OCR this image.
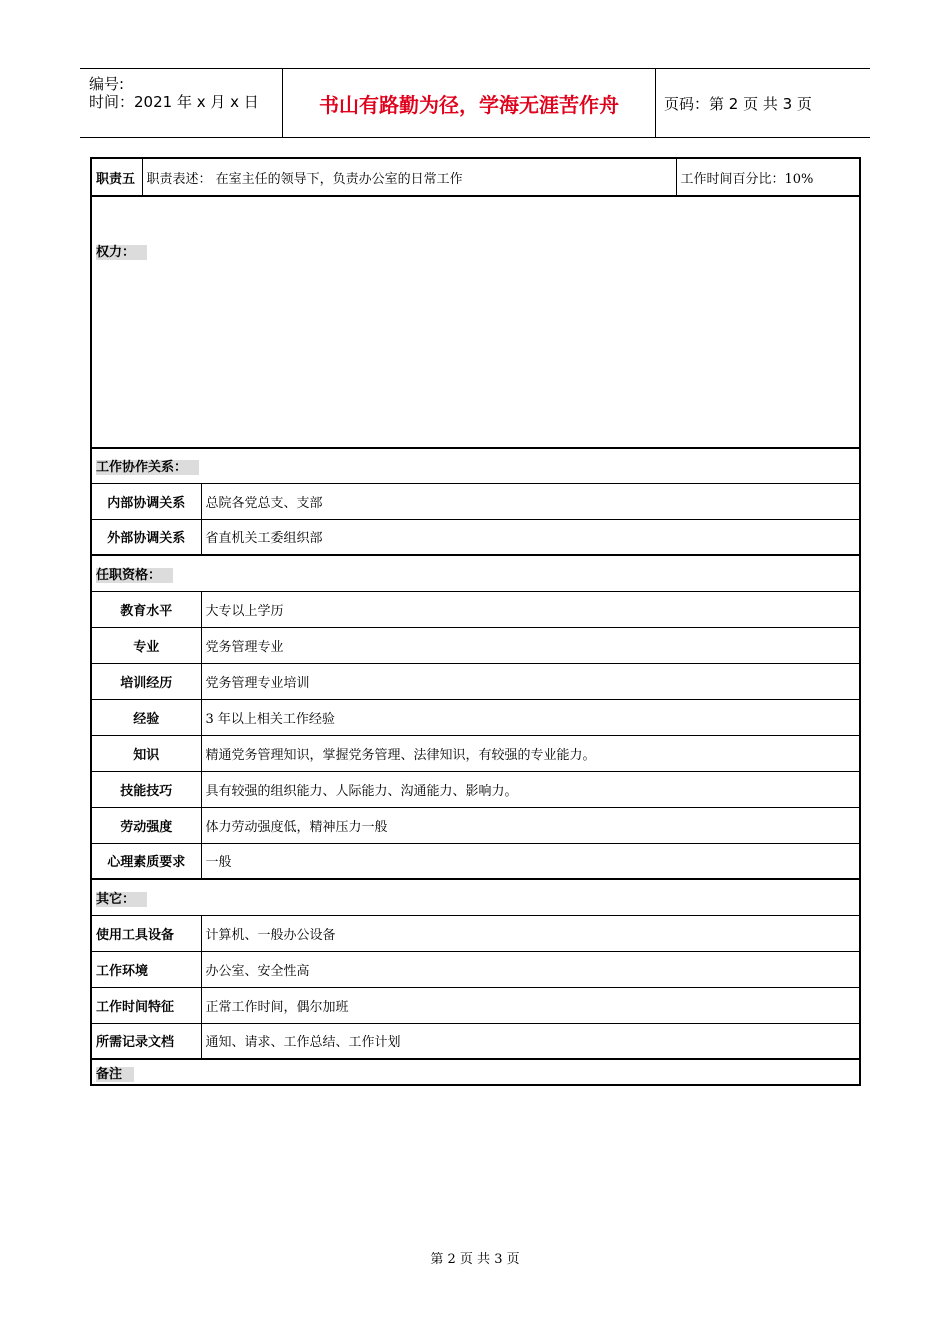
编号:
时间：2021 年 x 月 x 日	书山有路勤为径，学海无涯苦作舟	页码：第 2 页 共 3 页
职责五	职责表述： 在室主任的领导下，负责办公室的日常工作		工作时间百分比：10%
权力：			
工作协作关系：			
内部协调关系		总院各党总支、支部	
外部协调关系		省直机关工委组织部	
任职资格：			
教育水平		大专以上学历	
专业		党务管理专业	
培训经历		党务管理专业培训	
经验		3 年以上相关工作经验	
知识		精通党务管理知识，掌握党务管理、法律知识，有较强的专业能力。	
技能技巧		具有较强的组织能力、人际能力、沟通能力、影响力。	
劳动强度		体力劳动强度低，精神压力一般	
心理素质要求		一般	
其它：			
使用工具设备		计算机、一般办公设备	
工作环境		办公室、安全性高	
工作时间特征		正常工作时间，偶尔加班	
所需记录文档		通知、请求、工作总结、工作计划	
备注			
第 2 页 共 3 页
